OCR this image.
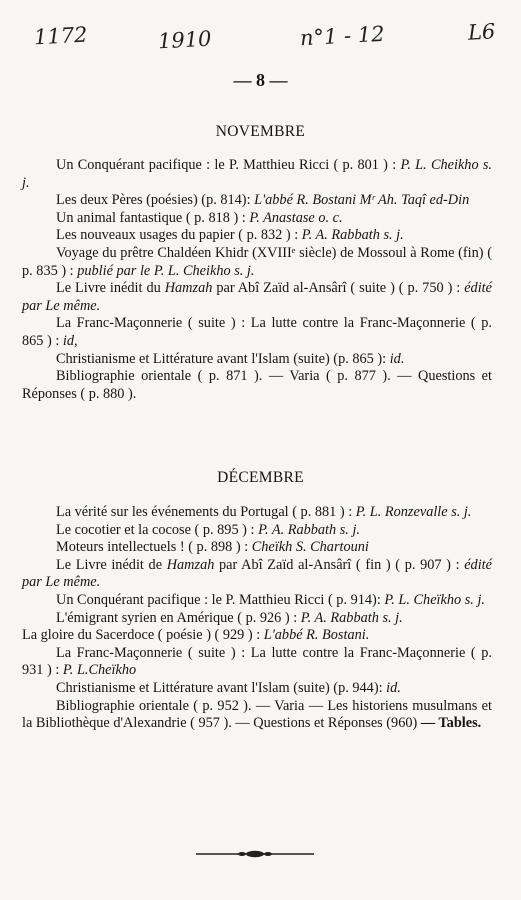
1172	1910	n°1 - 12	L6
— 8 —
NOVEMBRE

Un Conquérant pacifique : le P. Matthieu Ricci ( p. 801 ) : P. L. Cheikho s. j.

Les deux Pères (poésies) (p. 814): L'abbé R. Bostani Mʳ Ah. Taqî ed-Din

Un animal fantastique ( p. 818 ) : P. Anastase o. c.

Les nouveaux usages du papier ( p. 832 ) : P. A. Rabbath s. j.

Voyage du prêtre Chaldéen Khidr (XVIIIᵉ siècle) de Mossoul à Rome (fin) ( p. 835 ) : publié par le P. L. Cheikho s. j.

Le Livre inédit du Hamzah par Abî Zaïd al-Ansârî ( suite ) ( p. 750 ) : édité par Le même.

La Franc-Maçonnerie ( suite ) : La lutte contre la Franc-Maçonnerie ( p. 865 ) : id,

Christianisme et Littérature avant l'Islam (suite) (p. 865 ): id.

Bibliographie orientale ( p. 871 ). — Varia ( p. 877 ). — Questions et Réponses ( p. 880 ).

DÉCEMBRE

La vérité sur les événements du Portugal ( p. 881 ) : P. L. Ronzevalle s. j.

Le cocotier et la cocose ( p. 895 ) : P. A. Rabbath s. j.

Moteurs intellectuels ! ( p. 898 ) : Cheïkh S. Chartouni

Le Livre inédit de Hamzah par Abî Zaïd al-Ansârî ( fin ) ( p. 907 ) : édité par Le même.

Un Conquérant pacifique : le P. Matthieu Ricci ( p. 914): P. L. Cheïkho s. j.

L'émigrant syrien en Amérique ( p. 926 ) : P. A. Rabbath s. j.

La gloire du Sacerdoce ( poésie ) ( 929 ) : L'abbé R. Bostani.

La Franc-Maçonnerie ( suite ) : La lutte contre la Franc-Maçonnerie ( p. 931 ) : P. L.Cheïkho

Christianisme et Littérature avant l'Islam (suite) (p. 944): id.

Bibliographie orientale ( p. 952 ). — Varia — Les historiens musulmans et la Bibliothèque d'Alexandrie ( 957 ). — Questions et Réponses (960) — Tables.
